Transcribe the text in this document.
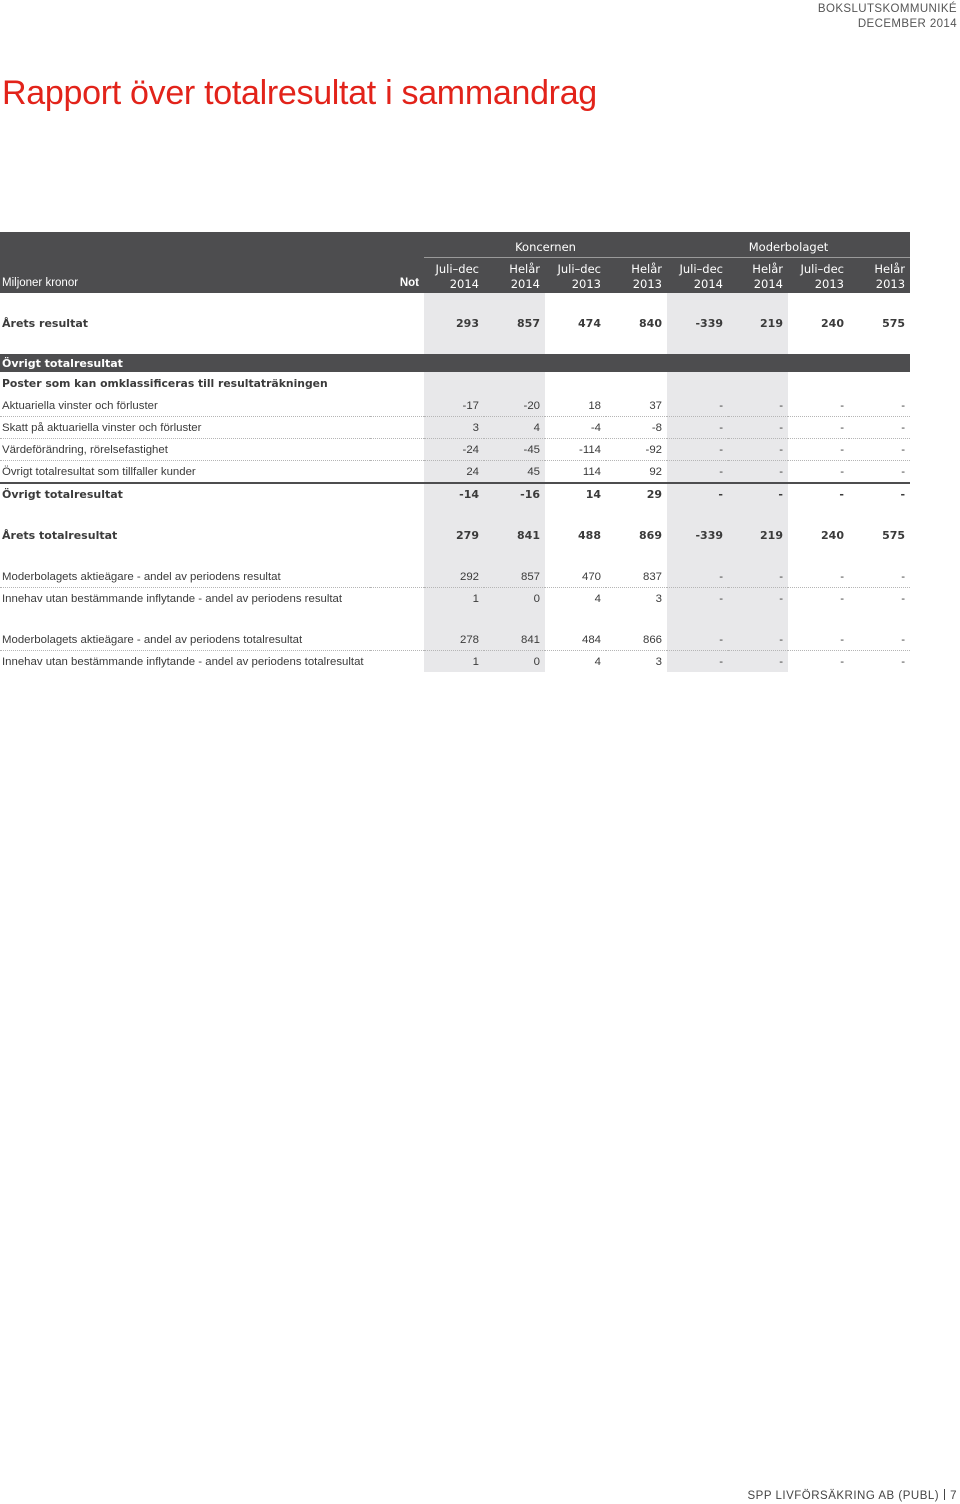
BOKSLUTSKOMMUNIKÉ
DECEMBER 2014
Rapport över totalresultat i sammandrag
		Koncernen				Moderbolaget			
		Juli–dec	Helår	Juli–dec	Helår	Juli–dec	Helår	Juli–dec	Helår
Miljoner kronor	Not	2014	2014	2013	2013	2014	2014	2013	2013

Årets resultat		293	857	474	840	-339	219	240	575

Övrigt totalresultat									
Poster som kan omklassificeras till resultaträkningen									
Aktuariella vinster och förluster		-17	-20	18	37	-	-	-	-
Skatt på aktuariella vinster och förluster		3	4	-4	-8	-	-	-	-
Värdeförändring, rörelsefastighet		-24	-45	-114	-92	-	-	-	-
Övrigt totalresultat som tillfaller kunder		24	45	114	92	-	-	-	-
Övrigt totalresultat		-14	-16	14	29	-	-	-	-

Årets totalresultat		279	841	488	869	-339	219	240	575

Moderbolagets aktieägare - andel av periodens resultat		292	857	470	837	-	-	-	-
Innehav utan bestämmande inflytande - andel av periodens resultat		1	0	4	3	-	-	-	-

Moderbolagets aktieägare - andel av periodens totalresultat		278	841	484	866	-	-	-	-
Innehav utan bestämmande inflytande - andel av periodens totalresultat		1	0	4	3	-	-	-	-
SPP LIVFÖRSÄKRING AB (PUBL) 7
